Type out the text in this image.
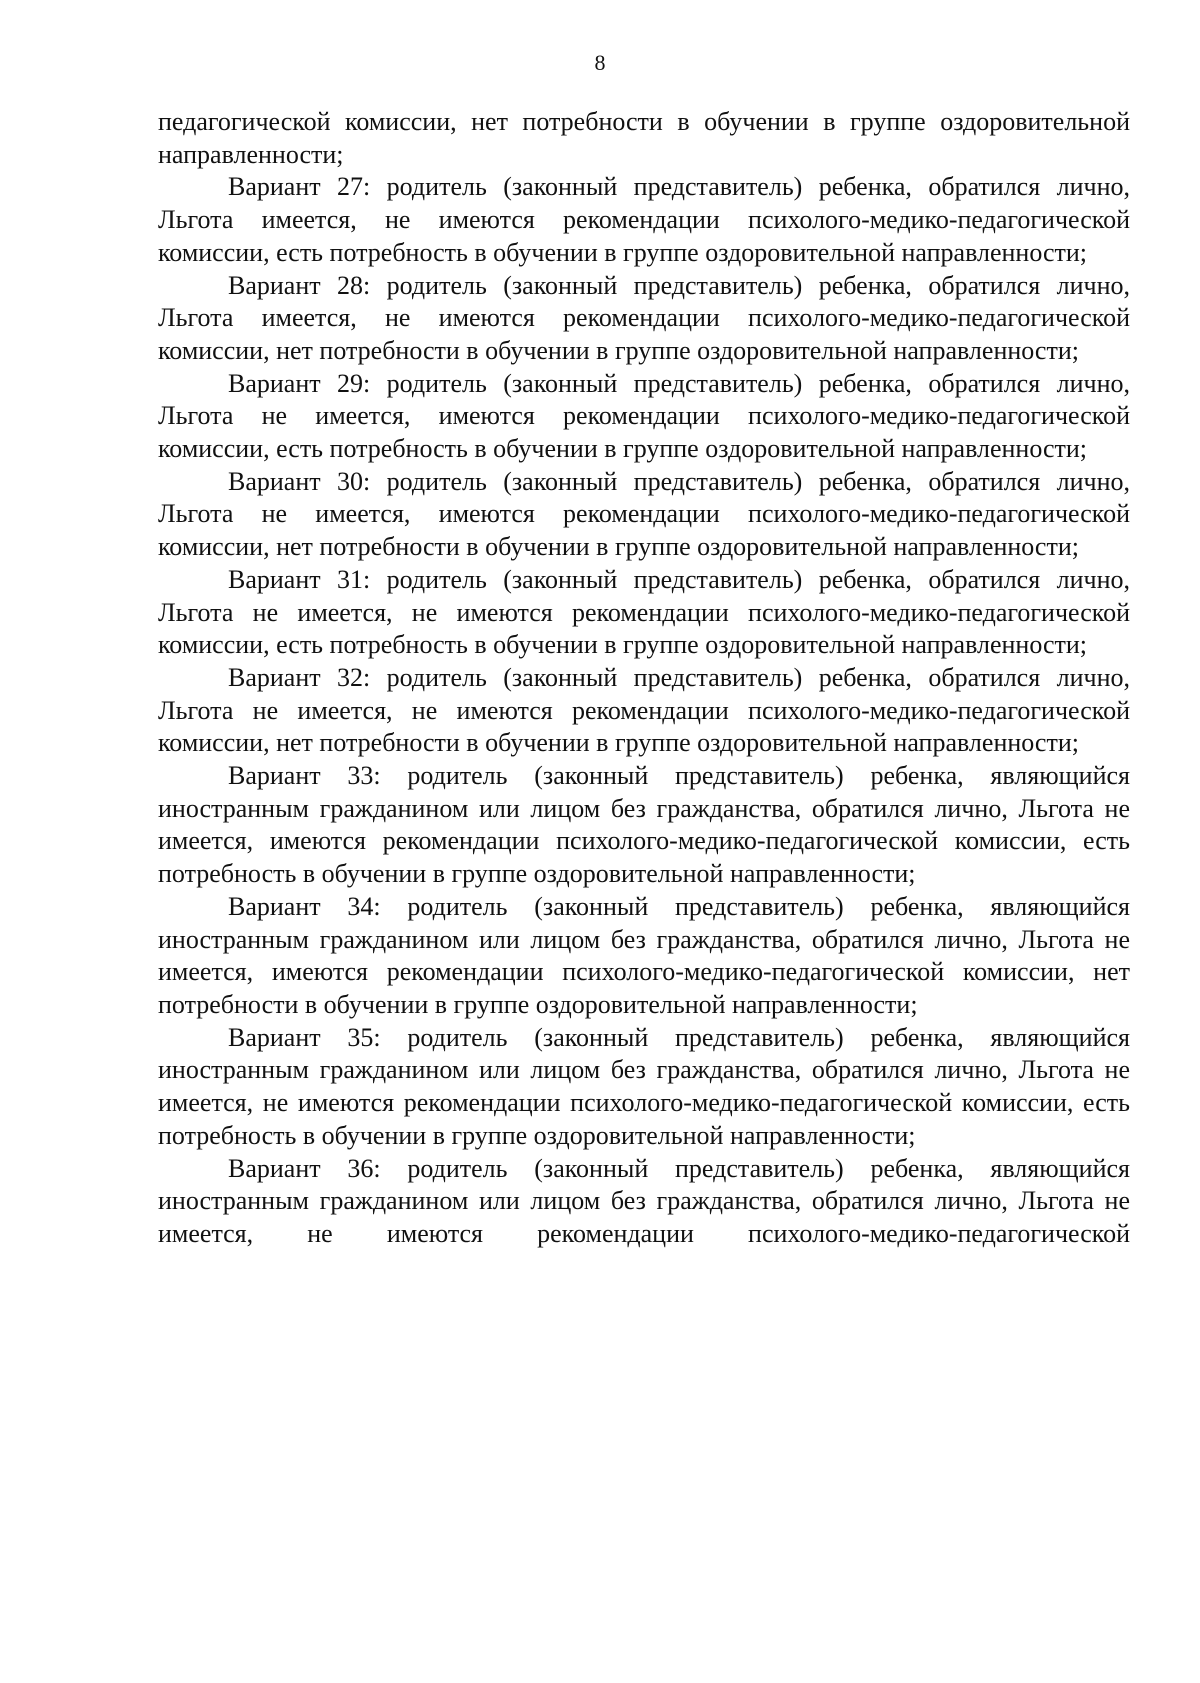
8

педагогической комиссии, нет потребности в обучении в группе оздоровительной направленности;

Вариант 27: родитель (законный представитель) ребенка, обратился лично, Льгота имеется, не имеются рекомендации психолого-медико-педагогической комиссии, есть потребность в обучении в группе оздоровительной направленности;

Вариант 28: родитель (законный представитель) ребенка, обратился лично, Льгота имеется, не имеются рекомендации психолого-медико-педагогической комиссии, нет потребности в обучении в группе оздоровительной направленности;

Вариант 29: родитель (законный представитель) ребенка, обратился лично, Льгота не имеется, имеются рекомендации психолого-медико-педагогической комиссии, есть потребность в обучении в группе оздоровительной направленности;

Вариант 30: родитель (законный представитель) ребенка, обратился лично, Льгота не имеется, имеются рекомендации психолого-медико-педагогической комиссии, нет потребности в обучении в группе оздоровительной направленности;

Вариант 31: родитель (законный представитель) ребенка, обратился лично, Льгота не имеется, не имеются рекомендации психолого-медико-педагогической комиссии, есть потребность в обучении в группе оздоровительной направленности;

Вариант 32: родитель (законный представитель) ребенка, обратился лично, Льгота не имеется, не имеются рекомендации психолого-медико-педагогической комиссии, нет потребности в обучении в группе оздоровительной направленности;

Вариант 33: родитель (законный представитель) ребенка, являющийся иностранным гражданином или лицом без гражданства, обратился лично, Льгота не имеется, имеются рекомендации психолого-медико-педагогической комиссии, есть потребность в обучении в группе оздоровительной направленности;

Вариант 34: родитель (законный представитель) ребенка, являющийся иностранным гражданином или лицом без гражданства, обратился лично, Льгота не имеется, имеются рекомендации психолого-медико-педагогической комиссии, нет потребности в обучении в группе оздоровительной направленности;

Вариант 35: родитель (законный представитель) ребенка, являющийся иностранным гражданином или лицом без гражданства, обратился лично, Льгота не имеется, не имеются рекомендации психолого-медико-педагогической комиссии, есть потребность в обучении в группе оздоровительной направленности;

Вариант 36: родитель (законный представитель) ребенка, являющийся иностранным гражданином или лицом без гражданства, обратился лично, Льгота не имеется, не имеются рекомендации психолого-медико-педагогической
